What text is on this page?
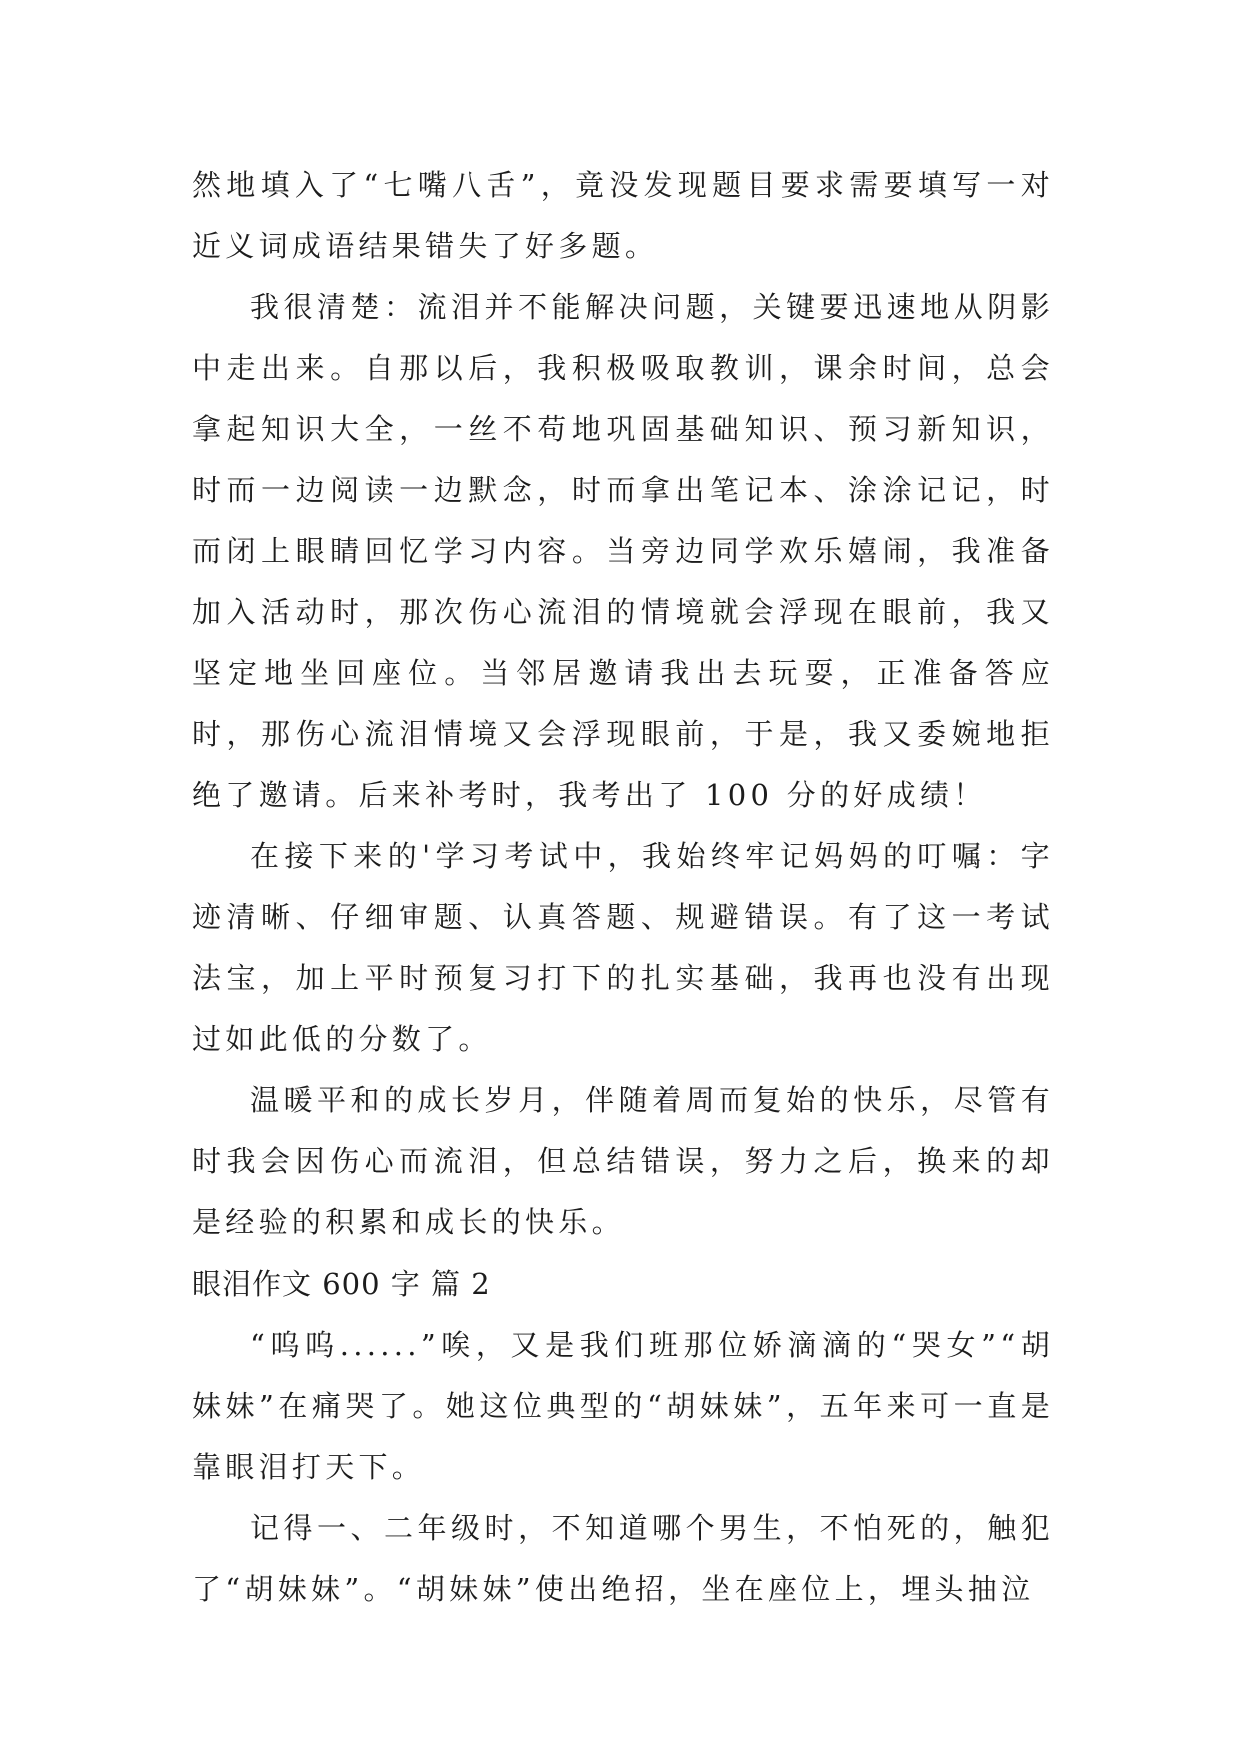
然地填入了“七嘴八舌”，竟没发现题目要求需要填写一对近义词成语结果错失了好多题。

我很清楚：流泪并不能解决问题，关键要迅速地从阴影中走出来。自那以后，我积极吸取教训，课余时间，总会拿起知识大全，一丝不苟地巩固基础知识、预习新知识，时而一边阅读一边默念，时而拿出笔记本、涂涂记记，时而闭上眼睛回忆学习内容。当旁边同学欢乐嬉闹，我准备加入活动时，那次伤心流泪的情境就会浮现在眼前，我又坚定地坐回座位。当邻居邀请我出去玩耍，正准备答应时，那伤心流泪情境又会浮现眼前，于是，我又委婉地拒绝了邀请。后来补考时，我考出了 100 分的好成绩！

在接下来的'学习考试中，我始终牢记妈妈的叮嘱：字迹清晰、仔细审题、认真答题、规避错误。有了这一考试法宝，加上平时预复习打下的扎实基础，我再也没有出现过如此低的分数了。

温暖平和的成长岁月，伴随着周而复始的快乐，尽管有时我会因伤心而流泪，但总结错误，努力之后，换来的却是经验的积累和成长的快乐。

眼泪作文 600 字 篇 2

“呜呜......”唉，又是我们班那位娇滴滴的“哭女”“胡妹妹”在痛哭了。她这位典型的“胡妹妹”，五年来可一直是靠眼泪打天下。

记得一、二年级时，不知道哪个男生，不怕死的，触犯了“胡妹妹”。“胡妹妹”使出绝招，坐在座位上，埋头抽泣
